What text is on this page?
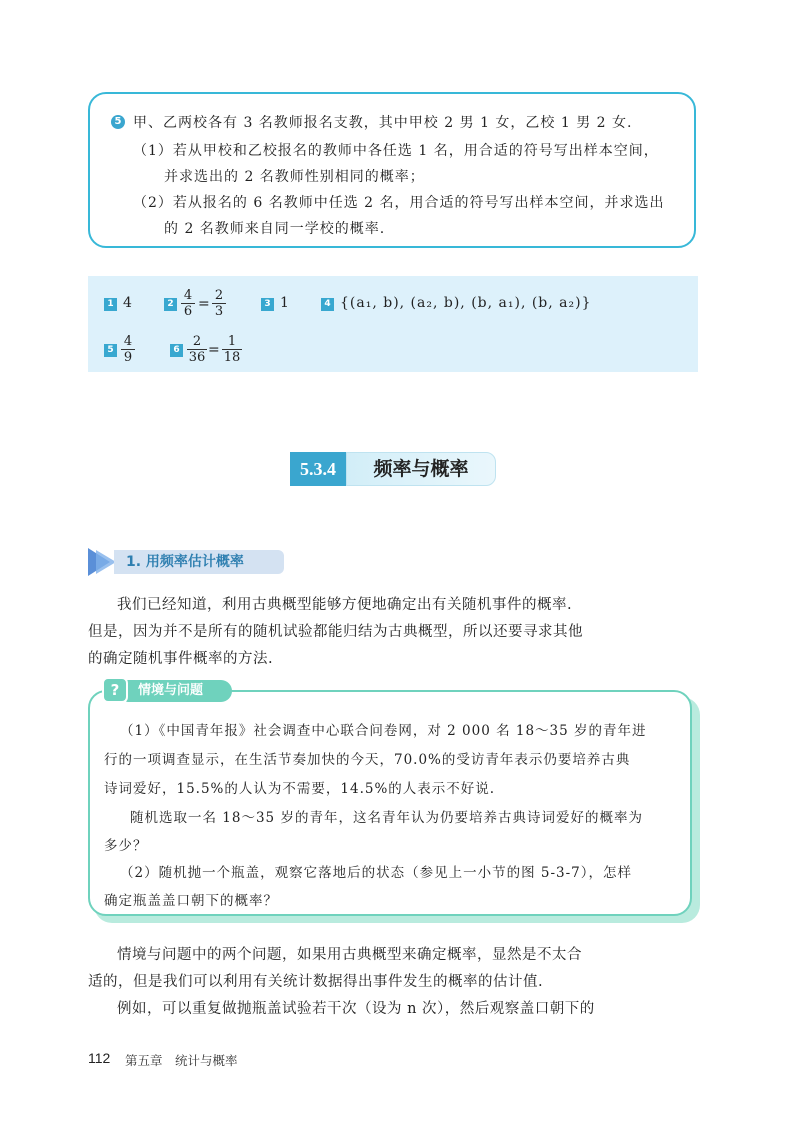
5 甲、乙两校各有 3 名教师报名支教，其中甲校 2 男 1 女，乙校 1 男 2 女.
（1）若从甲校和乙校报名的教师中各任选 1 名，用合适的符号写出样本空间，
并求选出的 2 名教师性别相同的概率；
（2）若从报名的 6 名教师中任选 2 名，用合适的符号写出样本空间，并求选出
的 2 名教师来自同一学校的概率.
1 4	$2 \frac{4}{6} = \frac{2}{3}$	3 1	4 {(a₁, b), (a₂, b), (b, a₁), (b, a₂)}
$5 \frac{4}{9}$	$6 \frac{2}{36} = \frac{1}{18}$
5.3.4	频率与概率
1. 用频率估计概率
我们已经知道，利用古典概型能够方便地确定出有关随机事件的概率.
但是，因为并不是所有的随机试验都能归结为古典概型，所以还要寻求其他
的确定随机事件概率的方法.
情境与问题
?
（1）《中国青年报》社会调查中心联合问卷网，对 2 000 名 18～35 岁的青年进
行的一项调查显示，在生活节奏加快的今天，70.0%的受访青年表示仍要培养古典
诗词爱好，15.5%的人认为不需要，14.5%的人表示不好说.
随机选取一名 18～35 岁的青年，这名青年认为仍要培养古典诗词爱好的概率为
多少？
（2）随机抛一个瓶盖，观察它落地后的状态（参见上一小节的图 5-3-7），怎样
确定瓶盖盖口朝下的概率？
情境与问题中的两个问题，如果用古典概型来确定概率，显然是不太合
适的，但是我们可以利用有关统计数据得出事件发生的概率的估计值.
例如，可以重复做抛瓶盖试验若干次（设为 n 次），然后观察盖口朝下的
112 第五章　统计与概率
